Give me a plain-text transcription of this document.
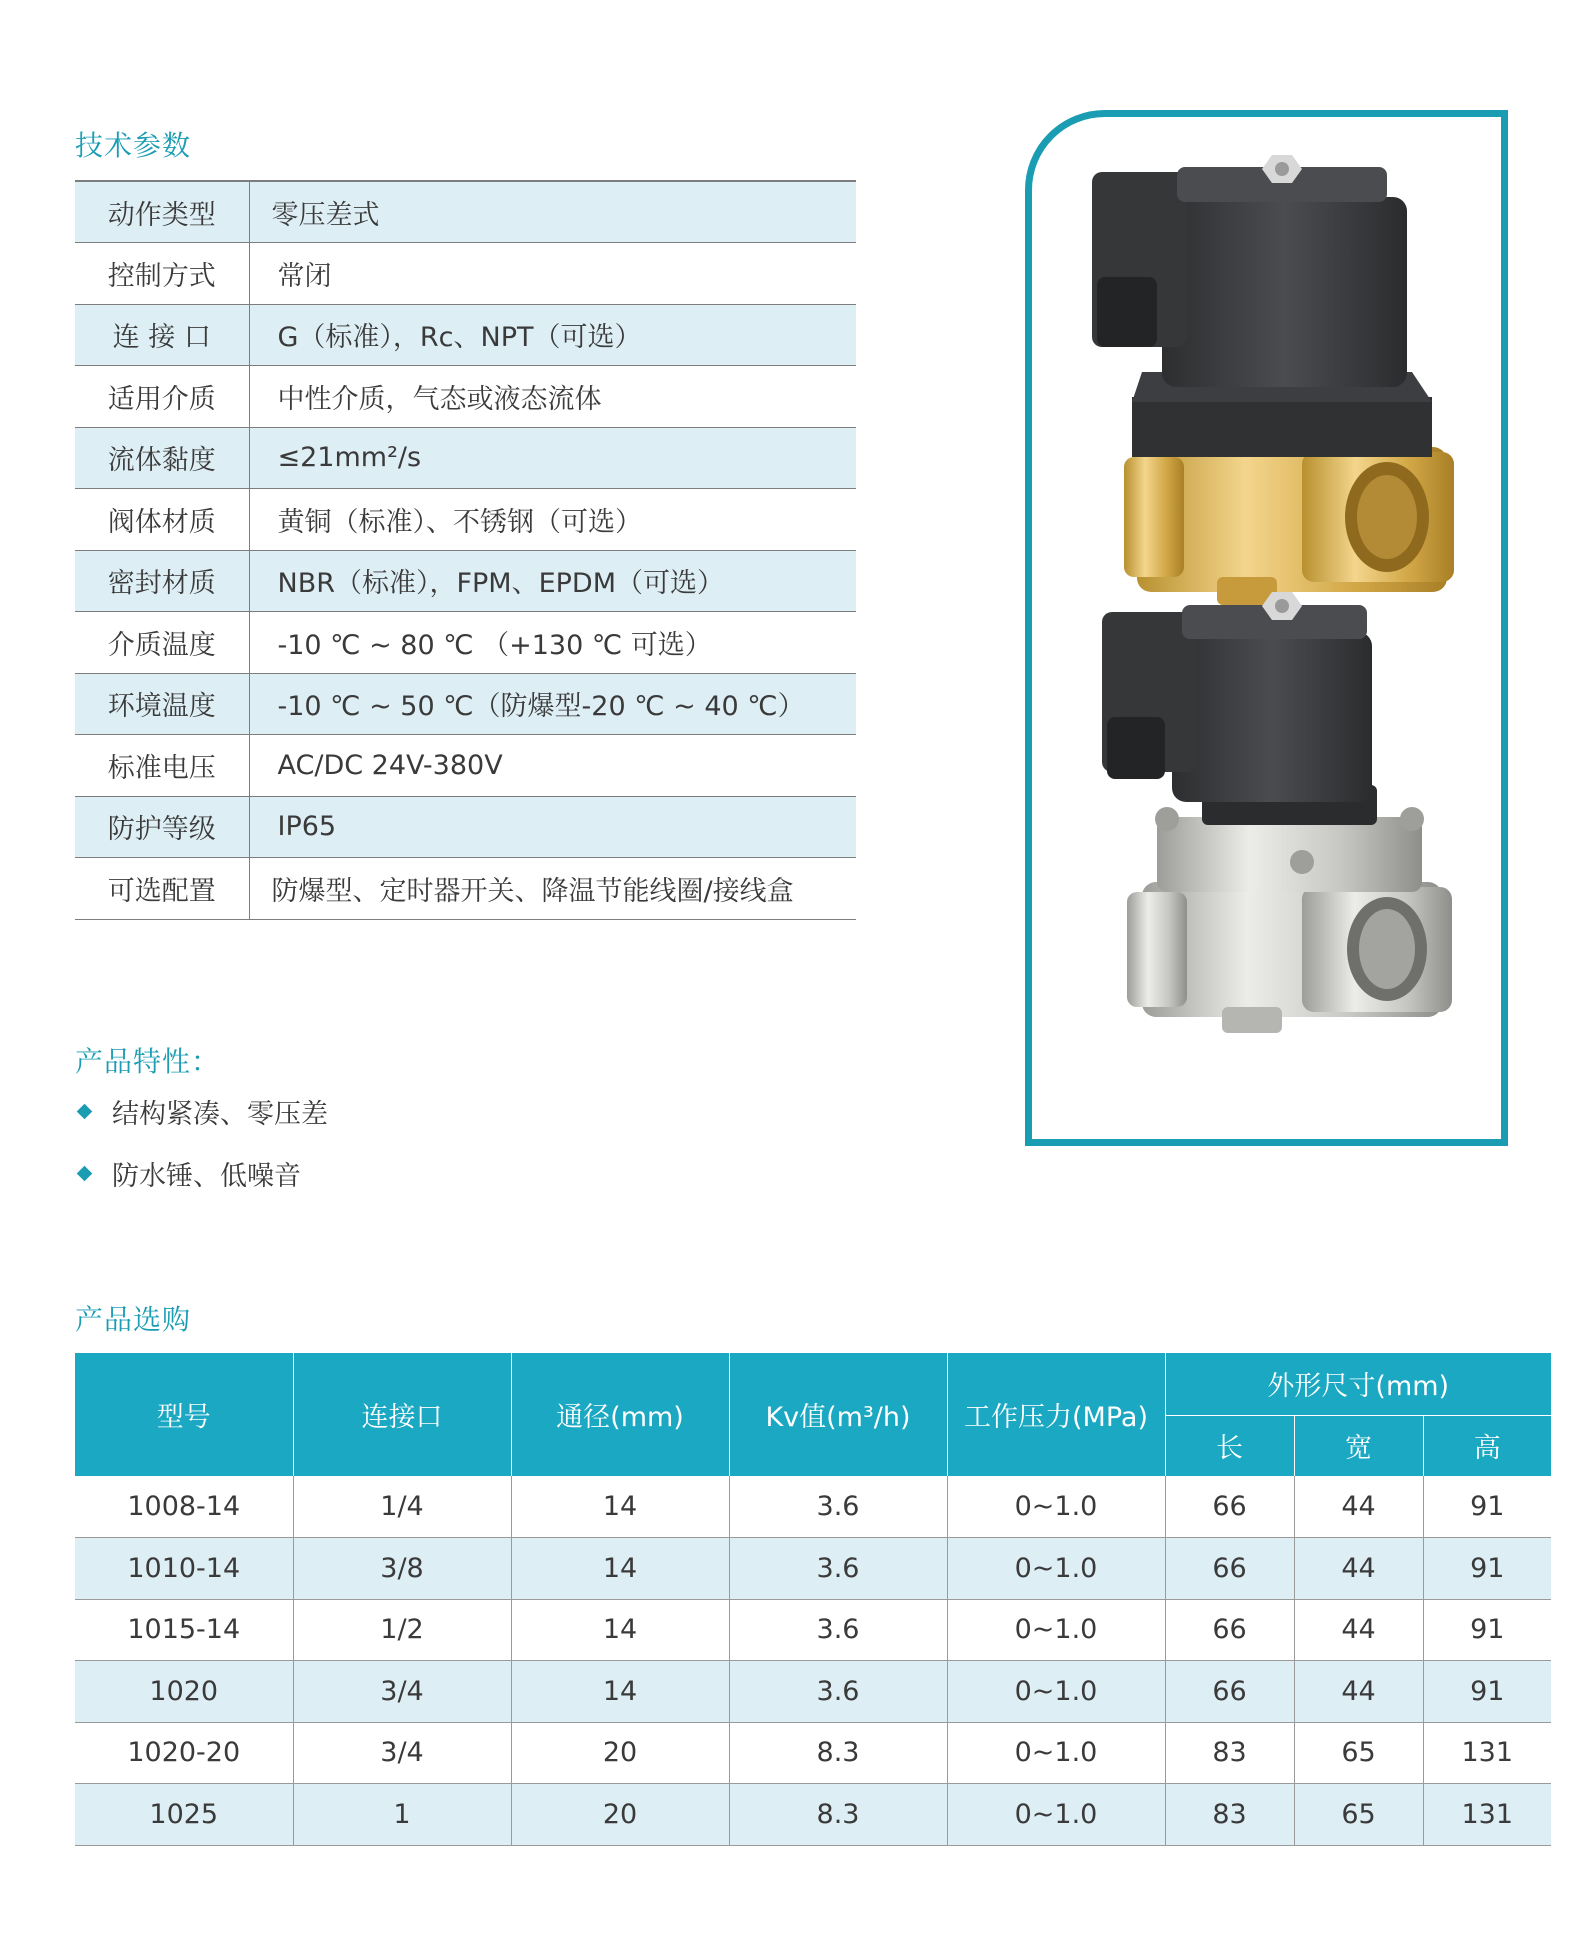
技术参数
动作类型	零压差式
控制方式	常闭
连 接 口	G（标准），Rc、NPT（可选）
适用介质	中性介质，气态或液态流体
流体黏度	≤21mm²/s
阀体材质	黄铜（标准）、不锈钢（可选）
密封材质	NBR（标准），FPM、EPDM（可选）
介质温度	-10 ℃ ~ 80 ℃ （+130 ℃ 可选）
环境温度	-10 ℃ ~ 50 ℃（防爆型-20 ℃ ~ 40 ℃）
标准电压	AC/DC 24V-380V
防护等级	IP65
可选配置	防爆型、定时器开关、降温节能线圈/接线盒
产品特性：
结构紧凑、零压差
防水锤、低噪音
产品选购
型号	连接口	通径(mm)	Kv值(m³/h)	工作压力(MPa)	外形尺寸(mm)		
					长	宽	高
1008-14	1/4	14	3.6	0~1.0	66	44	91
1010-14	3/8	14	3.6	0~1.0	66	44	91
1015-14	1/2	14	3.6	0~1.0	66	44	91
1020	3/4	14	3.6	0~1.0	66	44	91
1020-20	3/4	20	8.3	0~1.0	83	65	131
1025	1	20	8.3	0~1.0	83	65	131
